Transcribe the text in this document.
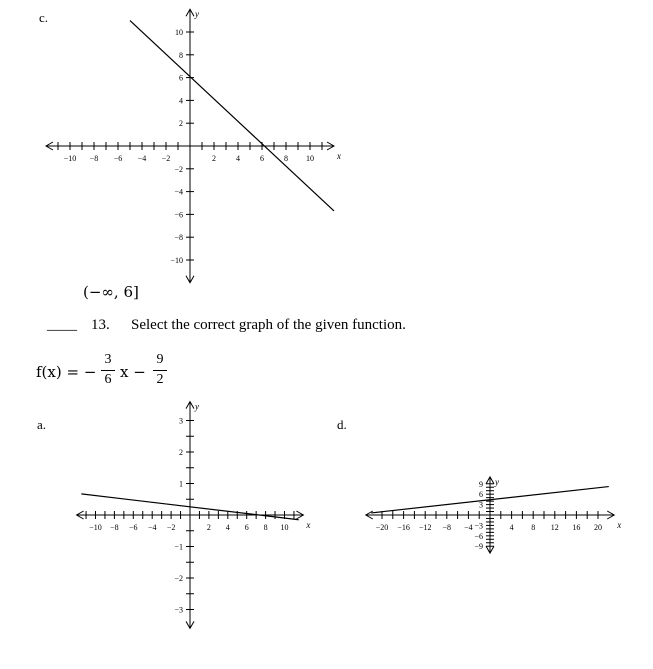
c.
−10 −8 −6 −4 −2	2	4	6	8 10
10
8
6
4
2
−2
−4
−6
−8
−10
x
y
(−∞, 6]
____ 13. Select the correct graph of the given function.
f(x) = −
3
6 x −
9
2
a.
−10 −8 −6 −4 −2	2 4 6 8 10
3
2
1
−1
−2
−3
x
y
d.
−20 −16 −12 −8 −4	4 8 12 16 20
9
6
3
−3
−6
−9
x
y
